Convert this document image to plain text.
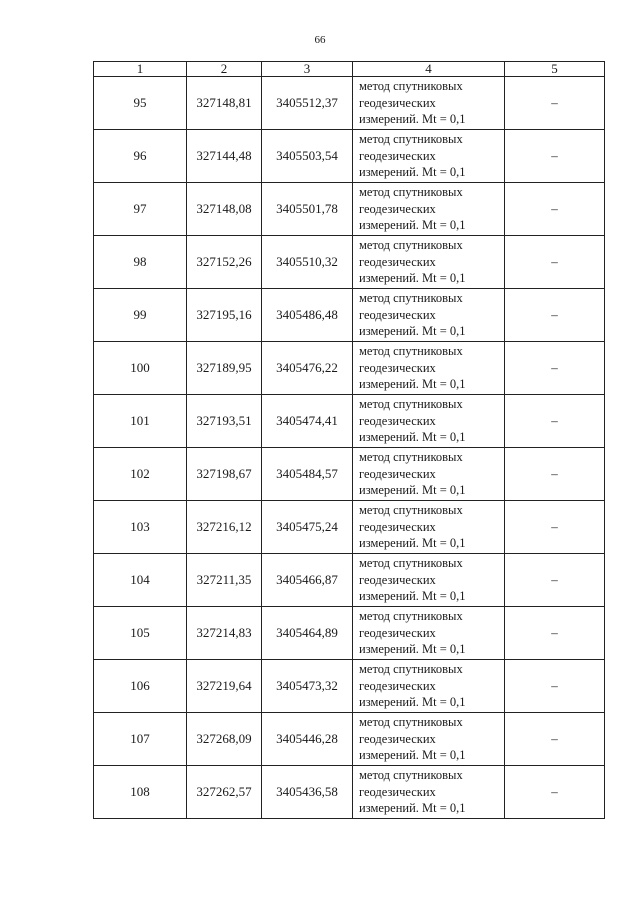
66
1	2	3	4	5
95	327148,81	3405512,37	метод спутниковых
геодезических
измерений. Mt = 0,1	–
96	327144,48	3405503,54	метод спутниковых
геодезических
измерений. Mt = 0,1	–
97	327148,08	3405501,78	метод спутниковых
геодезических
измерений. Mt = 0,1	–
98	327152,26	3405510,32	метод спутниковых
геодезических
измерений. Mt = 0,1	–
99	327195,16	3405486,48	метод спутниковых
геодезических
измерений. Mt = 0,1	–
100	327189,95	3405476,22	метод спутниковых
геодезических
измерений. Mt = 0,1	–
101	327193,51	3405474,41	метод спутниковых
геодезических
измерений. Mt = 0,1	–
102	327198,67	3405484,57	метод спутниковых
геодезических
измерений. Mt = 0,1	–
103	327216,12	3405475,24	метод спутниковых
геодезических
измерений. Mt = 0,1	–
104	327211,35	3405466,87	метод спутниковых
геодезических
измерений. Mt = 0,1	–
105	327214,83	3405464,89	метод спутниковых
геодезических
измерений. Mt = 0,1	–
106	327219,64	3405473,32	метод спутниковых
геодезических
измерений. Mt = 0,1	–
107	327268,09	3405446,28	метод спутниковых
геодезических
измерений. Mt = 0,1	–
108	327262,57	3405436,58	метод спутниковых
геодезических
измерений. Mt = 0,1	–
